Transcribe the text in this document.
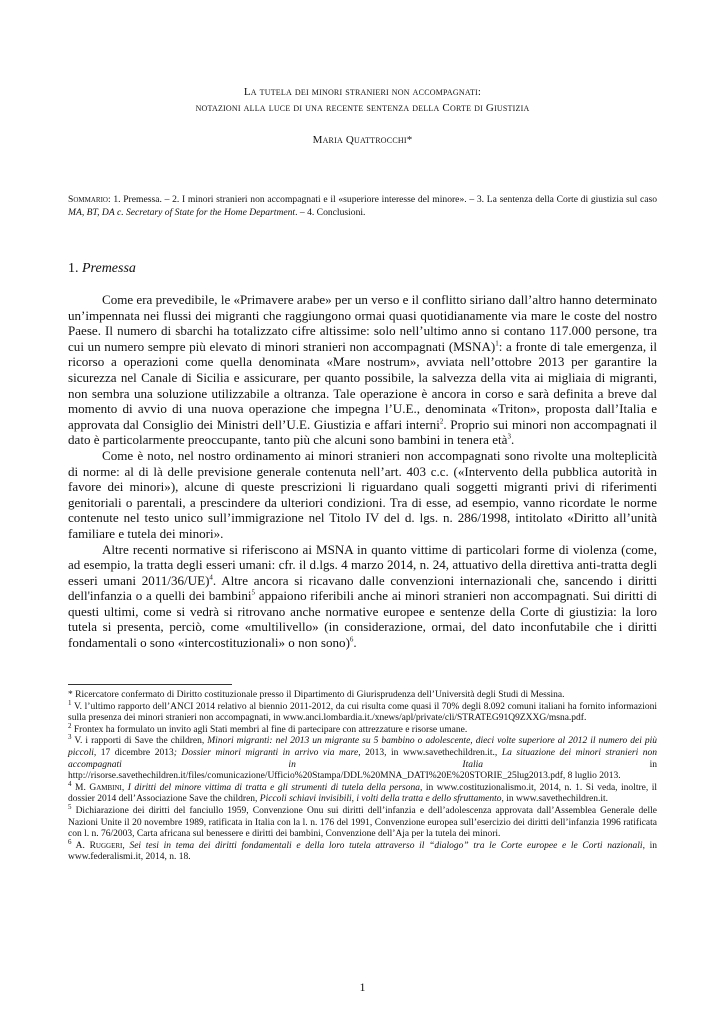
La tutela dei minori stranieri non accompagnati:
notazioni alla luce di una recente sentenza della Corte di Giustizia
Maria Quattrocchi*
Sommario: 1. Premessa. – 2. I minori stranieri non accompagnati e il «superiore interesse del minore». – 3. La sentenza della Corte di giustizia sul caso MA, BT, DA c. Secretary of State for the Home Department. – 4. Conclusioni.
1. Premessa

Come era prevedibile, le «Primavere arabe» per un verso e il conflitto siriano dall’altro hanno determinato un’impennata nei flussi dei migranti che raggiungono ormai quasi quotidianamente via mare le coste del nostro Paese. Il numero di sbarchi ha totalizzato cifre altissime: solo nell’ultimo anno si contano 117.000 persone, tra cui un numero sempre più elevato di minori stranieri non accompagnati (MSNA)$^1$: a fronte di tale emergenza, il ricorso a operazioni come quella denominata «Mare nostrum», avviata nell’ottobre 2013 per garantire la sicurezza nel Canale di Sicilia e assicurare, per quanto possibile, la salvezza della vita ai migliaia di migranti, non sembra una soluzione utilizzabile a oltranza. Tale operazione è ancora in corso e sarà definita a breve dal momento di avvio di una nuova operazione che impegna l’U.E., denominata «Triton», proposta dall’Italia e approvata dal Consiglio dei Ministri dell’U.E. Giustizia e affari interni$^2$. Proprio sui minori non accompagnati il dato è particolarmente preoccupante, tanto più che alcuni sono bambini in tenera età$^3$.

Come è noto, nel nostro ordinamento ai minori stranieri non accompagnati sono rivolte una molteplicità di norme: al di là delle previsione generale contenuta nell’art. 403 c.c. («Intervento della pubblica autorità in favore dei minori»), alcune di queste prescrizioni li riguardano quali soggetti migranti privi di riferimenti genitoriali o parentali, a prescindere da ulteriori condizioni. Tra di esse, ad esempio, vanno ricordate le norme contenute nel testo unico sull’immigrazione nel Titolo IV del d. lgs. n. 286/1998, intitolato «Diritto all’unità familiare e tutela dei minori».

Altre recenti normative si riferiscono ai MSNA in quanto vittime di particolari forme di violenza (come, ad esempio, la tratta degli esseri umani: cfr. il d.lgs. 4 marzo 2014, n. 24, attuativo della direttiva anti-tratta degli esseri umani 2011/36/UE)$^4$. Altre ancora si ricavano dalle convenzioni internazionali che, sancendo i diritti dell'infanzia o a quelli dei bambini$^5$ appaiono riferibili anche ai minori stranieri non accompagnati. Sui diritti di questi ultimi, come si vedrà si ritrovano anche normative europee e sentenze della Corte di giustizia: la loro tutela si presenta, perciò, come «multilivello» (in considerazione, ormai, del dato inconfutabile che i diritti fondamentali o sono «intercostituzionali» o non sono)$^6$.

* Ricercatore confermato di Diritto costituzionale presso il Dipartimento di Giurisprudenza dell’Università degli Studi di Messina.

$^1$ V. l’ultimo rapporto dell’ANCI 2014 relativo al biennio 2011-2012, da cui risulta come quasi il 70% degli 8.092 comuni italiani ha fornito informazioni sulla presenza dei minori stranieri non accompagnati, in www.anci.lombardia.it./xnews/apl/private/cli/STRATEG91Q9ZXXG/msna.pdf.

$^2$ Frontex ha formulato un invito agli Stati membri al fine di partecipare con attrezzature e risorse umane.

$^3$ V. i rapporti di Save the children, Minori migranti: nel 2013 un migrante su 5 bambino o adolescente, dieci volte superiore al 2012 il numero dei più piccoli, 17 dicembre 2013; Dossier minori migranti in arrivo via mare, 2013, in www.savethechildren.it., La situazione dei minori stranieri non accompagnati in Italia in http://risorse.savethechildren.it/files/comunicazione/Ufficio%20Stampa/DDL%20MNA_DATI%20E%20STORIE_25lug2013.pdf, 8 luglio 2013.

$^4$ M. Gambini, I diritti del minore vittima di tratta e gli strumenti di tutela della persona, in www.costituzionalismo.it, 2014, n. 1. Si veda, inoltre, il dossier 2014 dell’Associazione Save the children, Piccoli schiavi invisibili, i volti della tratta e dello sfruttamento, in www.savethechildren.it.

$^5$ Dichiarazione dei diritti del fanciullo 1959, Convenzione Onu sui diritti dell’infanzia e dell’adolescenza approvata dall’Assemblea Generale delle Nazioni Unite il 20 novembre 1989, ratificata in Italia con la l. n. 176 del 1991, Convenzione europea sull’esercizio dei diritti dell’infanzia 1996 ratificata con l. n. 76/2003, Carta africana sul benessere e diritti dei bambini, Convenzione dell’Aja per la tutela dei minori.

$^6$ A. Ruggeri, Sei tesi in tema dei diritti fondamentali e della loro tutela attraverso il “dialogo” tra le Corte europee e le Corti nazionali, in www.federalismi.it, 2014, n. 18.

1
